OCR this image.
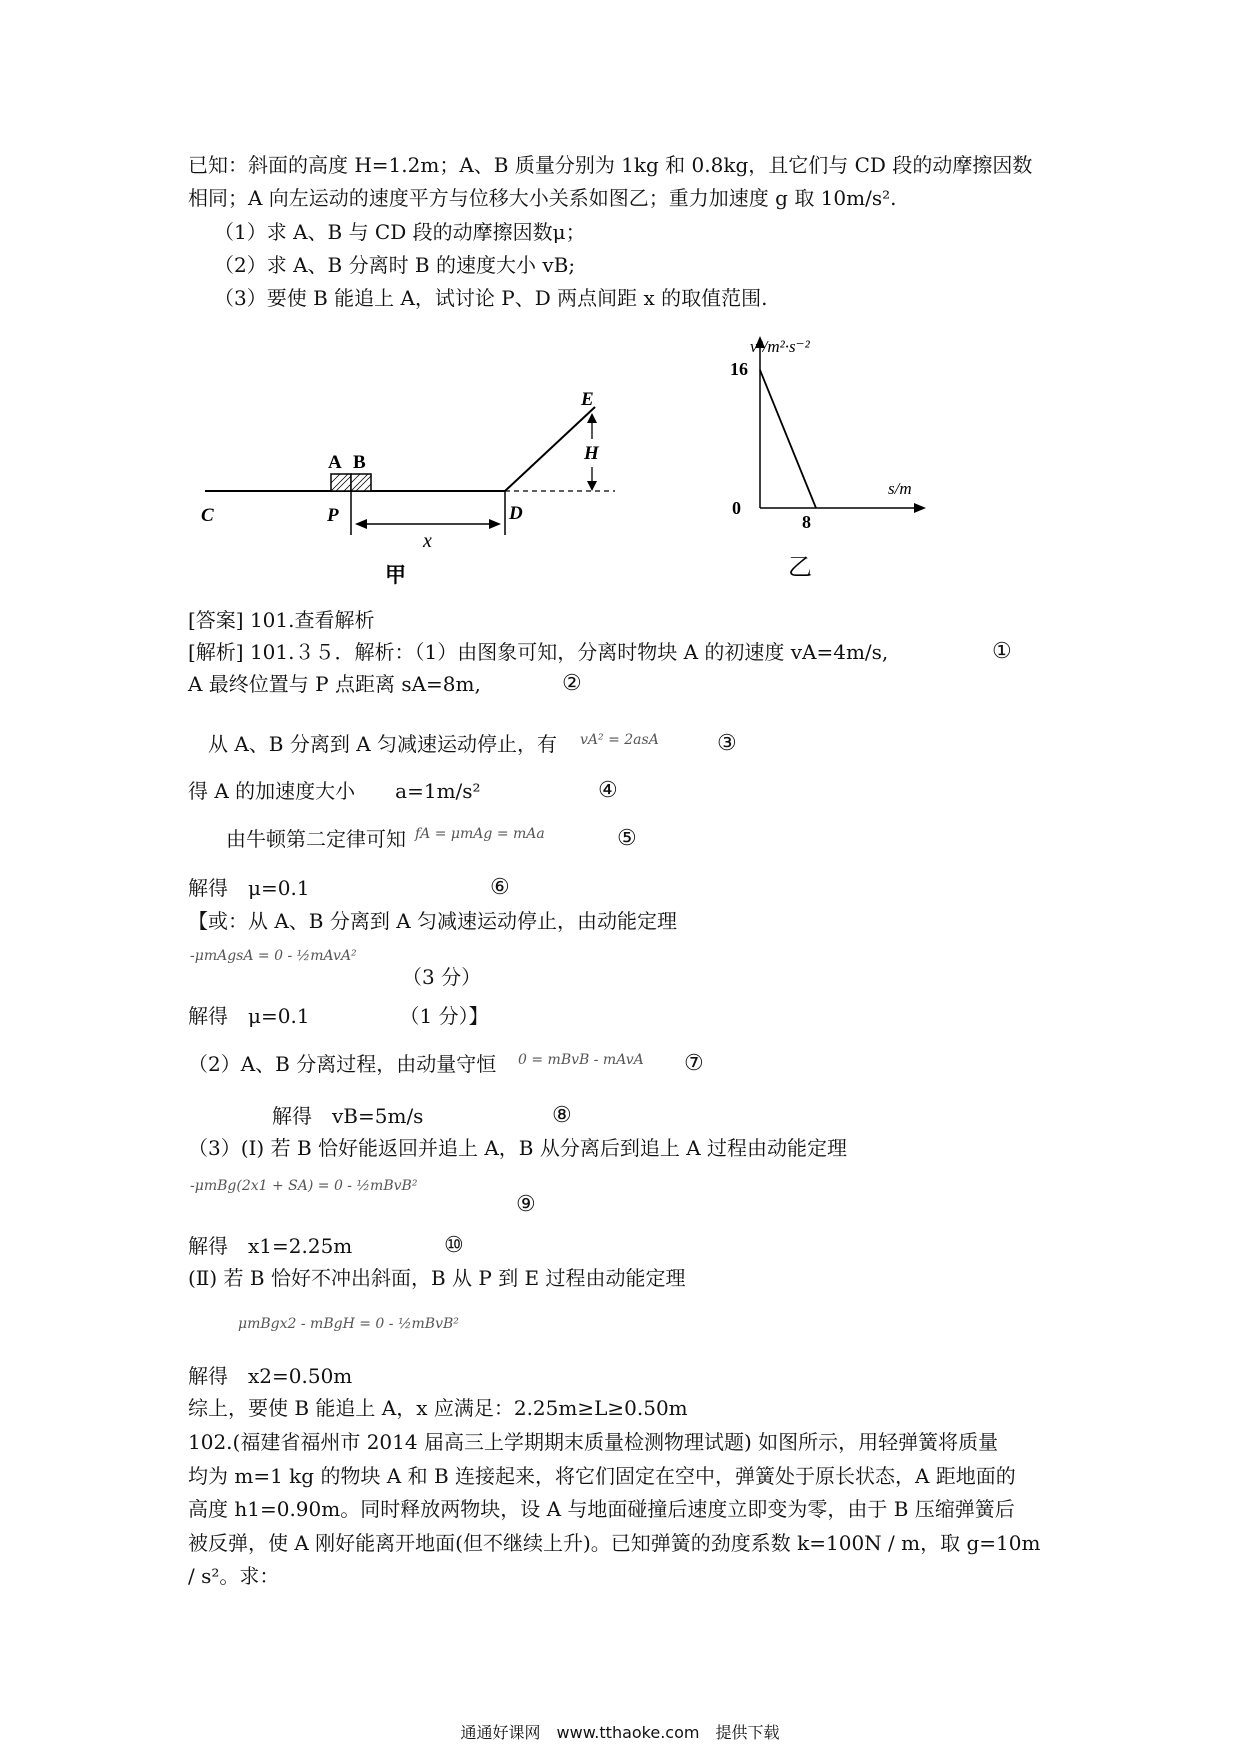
已知：斜面的高度 H=1.2m；A、B 质量分别为 1kg 和 0.8kg，且它们与 CD 段的动摩擦因数
相同；A 向左运动的速度平方与位移大小关系如图乙；重力加速度 g 取 10m/s².
（1）求 A、B 与 CD 段的动摩擦因数μ；
（2）求 A、B 分离时 B 的速度大小 vB;
（3）要使 B 能追上 A，试讨论 P、D 两点间距 x 的取值范围.
C	P	D
E
A B	H
x
甲
v²/m²·s⁻²
s/m
16
8
0
乙
[答案] 101.查看解析
[解析] 101.３５．解析：（1）由图象可知，分离时物块 A 的初速度 vA=4m/s,	①
A 最终位置与 P 点距离 sA=8m,	②
从 A、B 分离到 A 匀减速运动停止，有 vA² = 2asA	③
得 A 的加速度大小　　a=1m/s²	④
由牛顿第二定律可知 fA = μmAg = mAa	⑤
解得　μ=0.1	⑥
【或：从 A、B 分离到 A 匀减速运动停止，由动能定理
-μmAgsA = 0 - ½mAvA²
（3 分）
解得　μ=0.1　　　　　（1 分）】
（2）A、B 分离过程，由动量守恒 0 = mBvB - mAvA ⑦
解得　vB=5m/s	⑧
（3）(Ⅰ) 若 B 恰好能返回并追上 A，B 从分离后到追上 A 过程由动能定理
-μmBg(2x1 + SA) = 0 - ½mBvB²
⑨
解得　x1=2.25m	⑩
(Ⅱ) 若 B 恰好不冲出斜面，B 从 P 到 E 过程由动能定理
μmBgx2 - mBgH = 0 - ½mBvB²
解得　x2=0.50m
综上，要使 B 能追上 A，x 应满足：2.25m≥L≥0.50m
102.(福建省福州市 2014 届高三上学期期末质量检测物理试题) 如图所示，用轻弹簧将质量
均为 m=1 kg 的物块 A 和 B 连接起来，将它们固定在空中，弹簧处于原长状态，A 距地面的
高度 h1=0.90m。同时释放两物块，设 A 与地面碰撞后速度立即变为零，由于 B 压缩弹簧后
被反弹，使 A 刚好能离开地面(但不继续上升)。已知弹簧的劲度系数 k=100N / m，取 g=10m
/ s²。求：
通通好课网　www.tthaoke.com　提供下载
